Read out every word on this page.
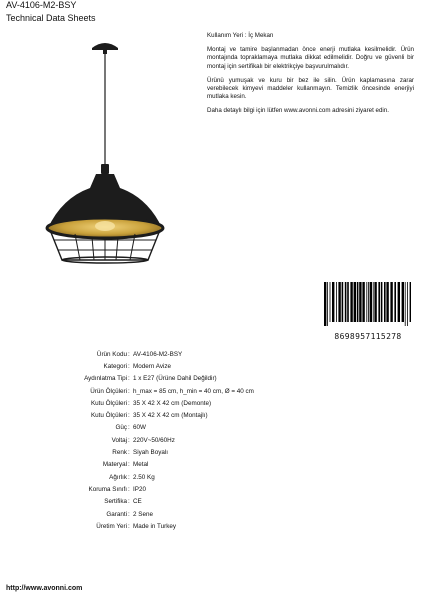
AV-4106-M2-BSY
Technical Data Sheets
Kullanım Yeri : İç Mekan

Montaj ve tamire başlanmadan önce enerji mutlaka kesilmelidir. Ürün montajında topraklamaya mutlaka dikkat edilmelidir. Doğru ve güvenli bir montaj için sertifikalı bir elektrikçiye başvurulmalıdır.

Ürünü yumuşak ve kuru bir bez ile silin. Ürün kaplamasına zarar verebilecek kimyevi maddeler kullanmayın. Temizlik öncesinde enerjiyi mutlaka kesin.

Daha detaylı bilgi için lütfen www.avonni.com adresini ziyaret edin.

8698957115278
Ürün Kodu : AV-4106-M2-BSY
Kategori : Modern Avize
Aydınlatma Tipi : 1 x E27 (Ürüne Dahil Değildir)
Ürün Ölçüleri : h_max = 85 cm, h_min = 40 cm, Ø = 40 cm
Kutu Ölçüleri : 35 X 42 X 42 cm (Demonte)
Kutu Ölçüleri : 35 X 42 X 42 cm (Montajlı)
Güç : 60W
Voltaj : 220V~50/60Hz
Renk : Siyah Boyalı
Materyal : Metal
Ağırlık : 2.50 Kg
Koruma Sınıfı : IP20
Sertifika : CE
Garanti : 2 Sene
Üretim Yeri : Made in Turkey
http://www.avonni.com
